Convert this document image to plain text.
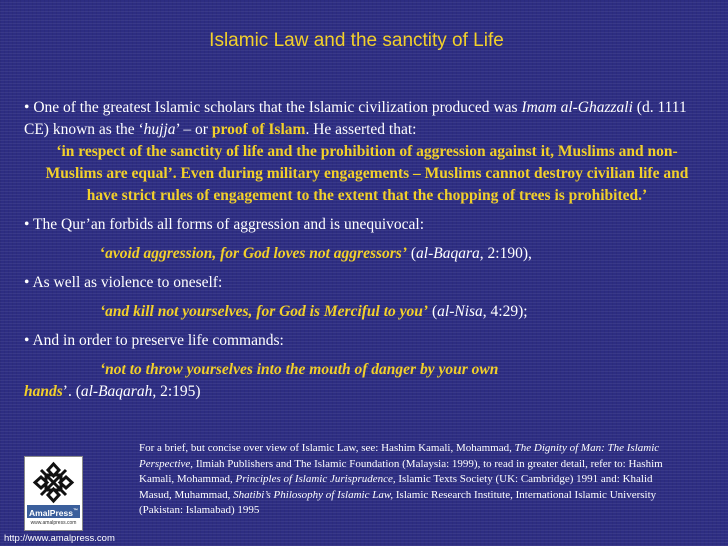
Islamic Law and the sanctity of Life

• One of the greatest Islamic scholars that the Islamic civilization produced was Imam al-Ghazzali (d. 1111 CE) known as the ‘hujja’ – or proof of Islam. He asserted that:

‘in respect of the sanctity of life and the prohibition of aggression against it, Muslims and non-Muslims are equal’. Even during military engagements – Muslims cannot destroy civilian life and have strict rules of engagement to the extent that the chopping of trees is prohibited.’

• The Qur’an forbids all forms of aggression and is unequivocal:

‘avoid aggression, for God loves not aggressors’ (al-Baqara, 2:190),

• As well as violence to oneself:

‘and kill not yourselves, for God is Merciful to you’ (al-Nisa, 4:29);

• And in order to preserve life commands:

‘not to throw yourselves into the mouth of danger by your own

hands’. (al-Baqarah, 2:195)

AmalPress™
www.amalpress.com
For a brief, but concise over view of Islamic Law, see: Hashim Kamali, Mohammad, The Dignity of Man: The Islamic Perspective, Ilmiah Publishers and The Islamic Foundation (Malaysia: 1999), to read in greater detail, refer to: Hashim Kamali, Mohammad, Principles of Islamic Jurisprudence, Islamic Texts Society (UK: Cambridge) 1991 and: Khalid Masud, Muhammad, Shatibi’s Philosophy of Islamic Law, Islamic Research Institute, International Islamic University (Pakistan: Islamabad) 1995
http://www.amalpress.com
